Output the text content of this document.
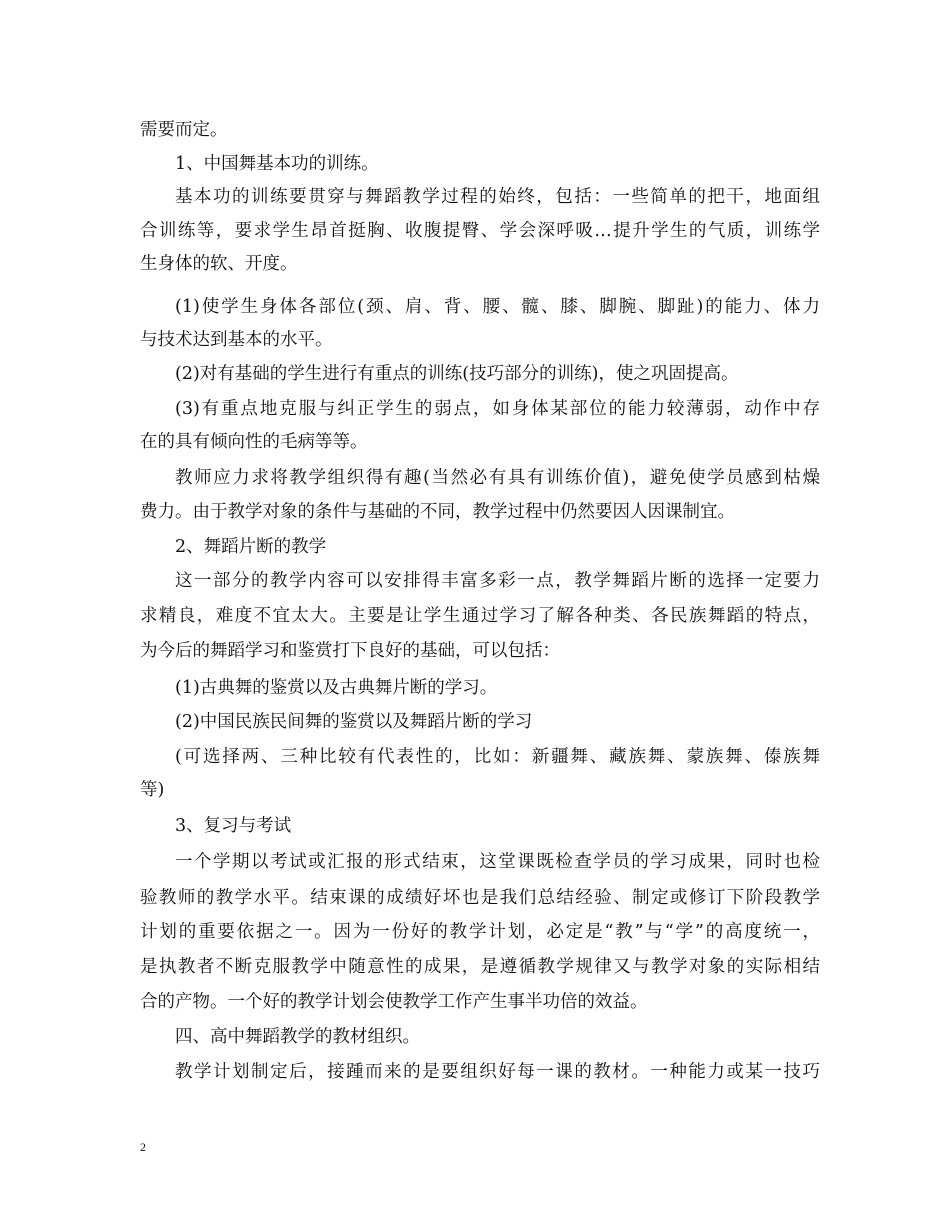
需要而定。
1、中国舞基本功的训练。
基本功的训练要贯穿与舞蹈教学过程的始终，包括：一些简单的把干，地面组
合训练等，要求学生昂首挺胸、收腹提臀、学会深呼吸…提升学生的气质，训练学
生身体的软、开度。
(1)使学生身体各部位(颈、肩、背、腰、髋、膝、脚腕、脚趾)的能力、体力
与技术达到基本的水平。
(2)对有基础的学生进行有重点的训练(技巧部分的训练)，使之巩固提高。
(3)有重点地克服与纠正学生的弱点，如身体某部位的能力较薄弱，动作中存
在的具有倾向性的毛病等等。
教师应力求将教学组织得有趣(当然必有具有训练价值)，避免使学员感到枯燥
费力。由于教学对象的条件与基础的不同，教学过程中仍然要因人因课制宜。
2、舞蹈片断的教学
这一部分的教学内容可以安排得丰富多彩一点，教学舞蹈片断的选择一定要力
求精良，难度不宜太大。主要是让学生通过学习了解各种类、各民族舞蹈的特点，
为今后的舞蹈学习和鉴赏打下良好的基础，可以包括：
(1)古典舞的鉴赏以及古典舞片断的学习。
(2)中国民族民间舞的鉴赏以及舞蹈片断的学习
(可选择两、三种比较有代表性的，比如：新疆舞、藏族舞、蒙族舞、傣族舞
等)
3、复习与考试
一个学期以考试或汇报的形式结束，这堂课既检查学员的学习成果，同时也检
验教师的教学水平。结束课的成绩好坏也是我们总结经验、制定或修订下阶段教学
计划的重要依据之一。因为一份好的教学计划，必定是“教”与“学”的高度统一，
是执教者不断克服教学中随意性的成果，是遵循教学规律又与教学对象的实际相结
合的产物。一个好的教学计划会使教学工作产生事半功倍的效益。
四、高中舞蹈教学的教材组织。
教学计划制定后，接踵而来的是要组织好每一课的教材。一种能力或某一技巧
2
